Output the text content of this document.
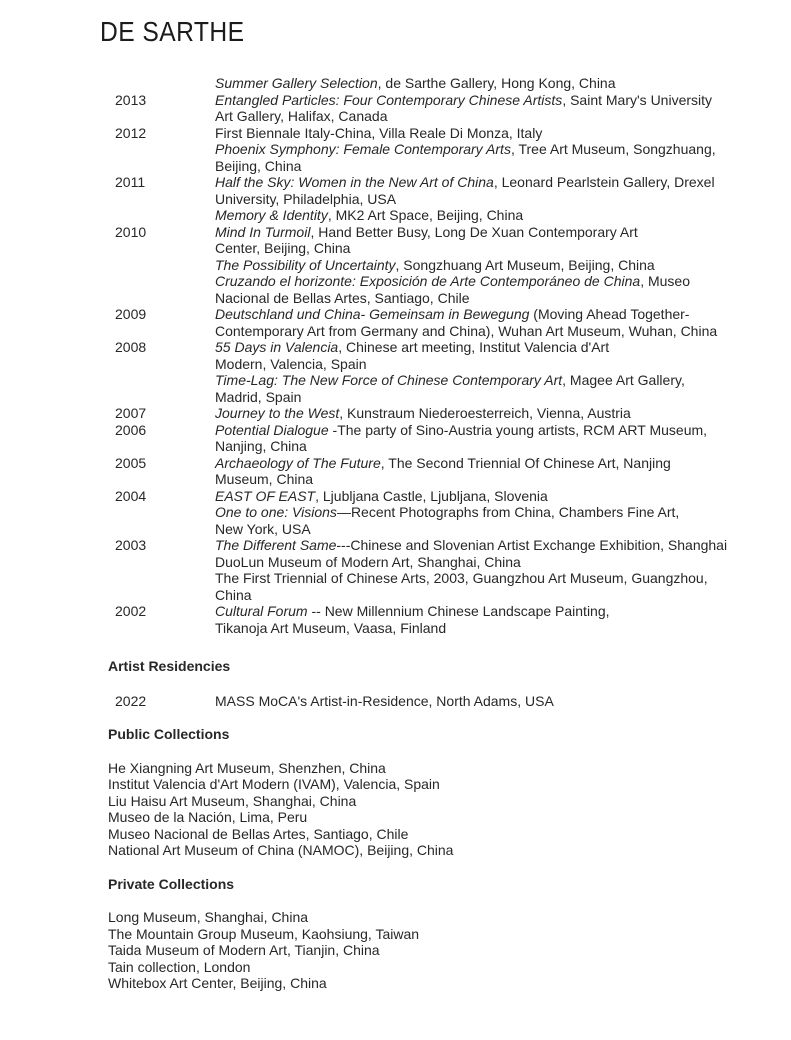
DE SARTHE
Summer Gallery Selection, de Sarthe Gallery, Hong Kong, China
2013	Entangled Particles: Four Contemporary Chinese Artists, Saint Mary's University
Art Gallery, Halifax, Canada
2012	First Biennale Italy-China, Villa Reale Di Monza, Italy
Phoenix Symphony: Female Contemporary Arts, Tree Art Museum, Songzhuang,
Beijing, China
2011	Half the Sky: Women in the New Art of China, Leonard Pearlstein Gallery, Drexel
University, Philadelphia, USA
Memory & Identity, MK2 Art Space, Beijing, China
2010	Mind In Turmoil, Hand Better Busy, Long De Xuan Contemporary Art
Center, Beijing, China
The Possibility of Uncertainty, Songzhuang Art Museum, Beijing, China
Cruzando el horizonte: Exposición de Arte Contemporáneo de China, Museo
Nacional de Bellas Artes, Santiago, Chile
2009	Deutschland und China- Gemeinsam in Bewegung (Moving Ahead Together-
Contemporary Art from Germany and China), Wuhan Art Museum, Wuhan, China
2008	55 Days in Valencia, Chinese art meeting, Institut Valencia d'Art
Modern, Valencia, Spain
Time-Lag: The New Force of Chinese Contemporary Art, Magee Art Gallery,
Madrid, Spain
2007	Journey to the West, Kunstraum Niederoesterreich, Vienna, Austria
2006	Potential Dialogue -The party of Sino-Austria young artists, RCM ART Museum,
Nanjing, China
2005	Archaeology of The Future, The Second Triennial Of Chinese Art, Nanjing
Museum, China
2004	EAST OF EAST, Ljubljana Castle, Ljubljana, Slovenia
One to one: Visions—Recent Photographs from China, Chambers Fine Art,
New York, USA
2003	The Different Same---Chinese and Slovenian Artist Exchange Exhibition, Shanghai
DuoLun Museum of Modern Art, Shanghai, China
The First Triennial of Chinese Arts, 2003, Guangzhou Art Museum, Guangzhou,
China
2002	Cultural Forum -- New Millennium Chinese Landscape Painting,
Tikanoja Art Museum, Vaasa, Finland
Artist Residencies
2022	MASS MoCA's Artist-in-Residence, North Adams, USA
Public Collections
He Xiangning Art Museum, Shenzhen, China
Institut Valencia d'Art Modern (IVAM), Valencia, Spain
Liu Haisu Art Museum, Shanghai, China
Museo de la Nación, Lima, Peru
Museo Nacional de Bellas Artes, Santiago, Chile
National Art Museum of China (NAMOC), Beijing, China
Private Collections
Long Museum, Shanghai, China
The Mountain Group Museum, Kaohsiung, Taiwan
Taida Museum of Modern Art, Tianjin, China
Tain collection, London
Whitebox Art Center, Beijing, China
